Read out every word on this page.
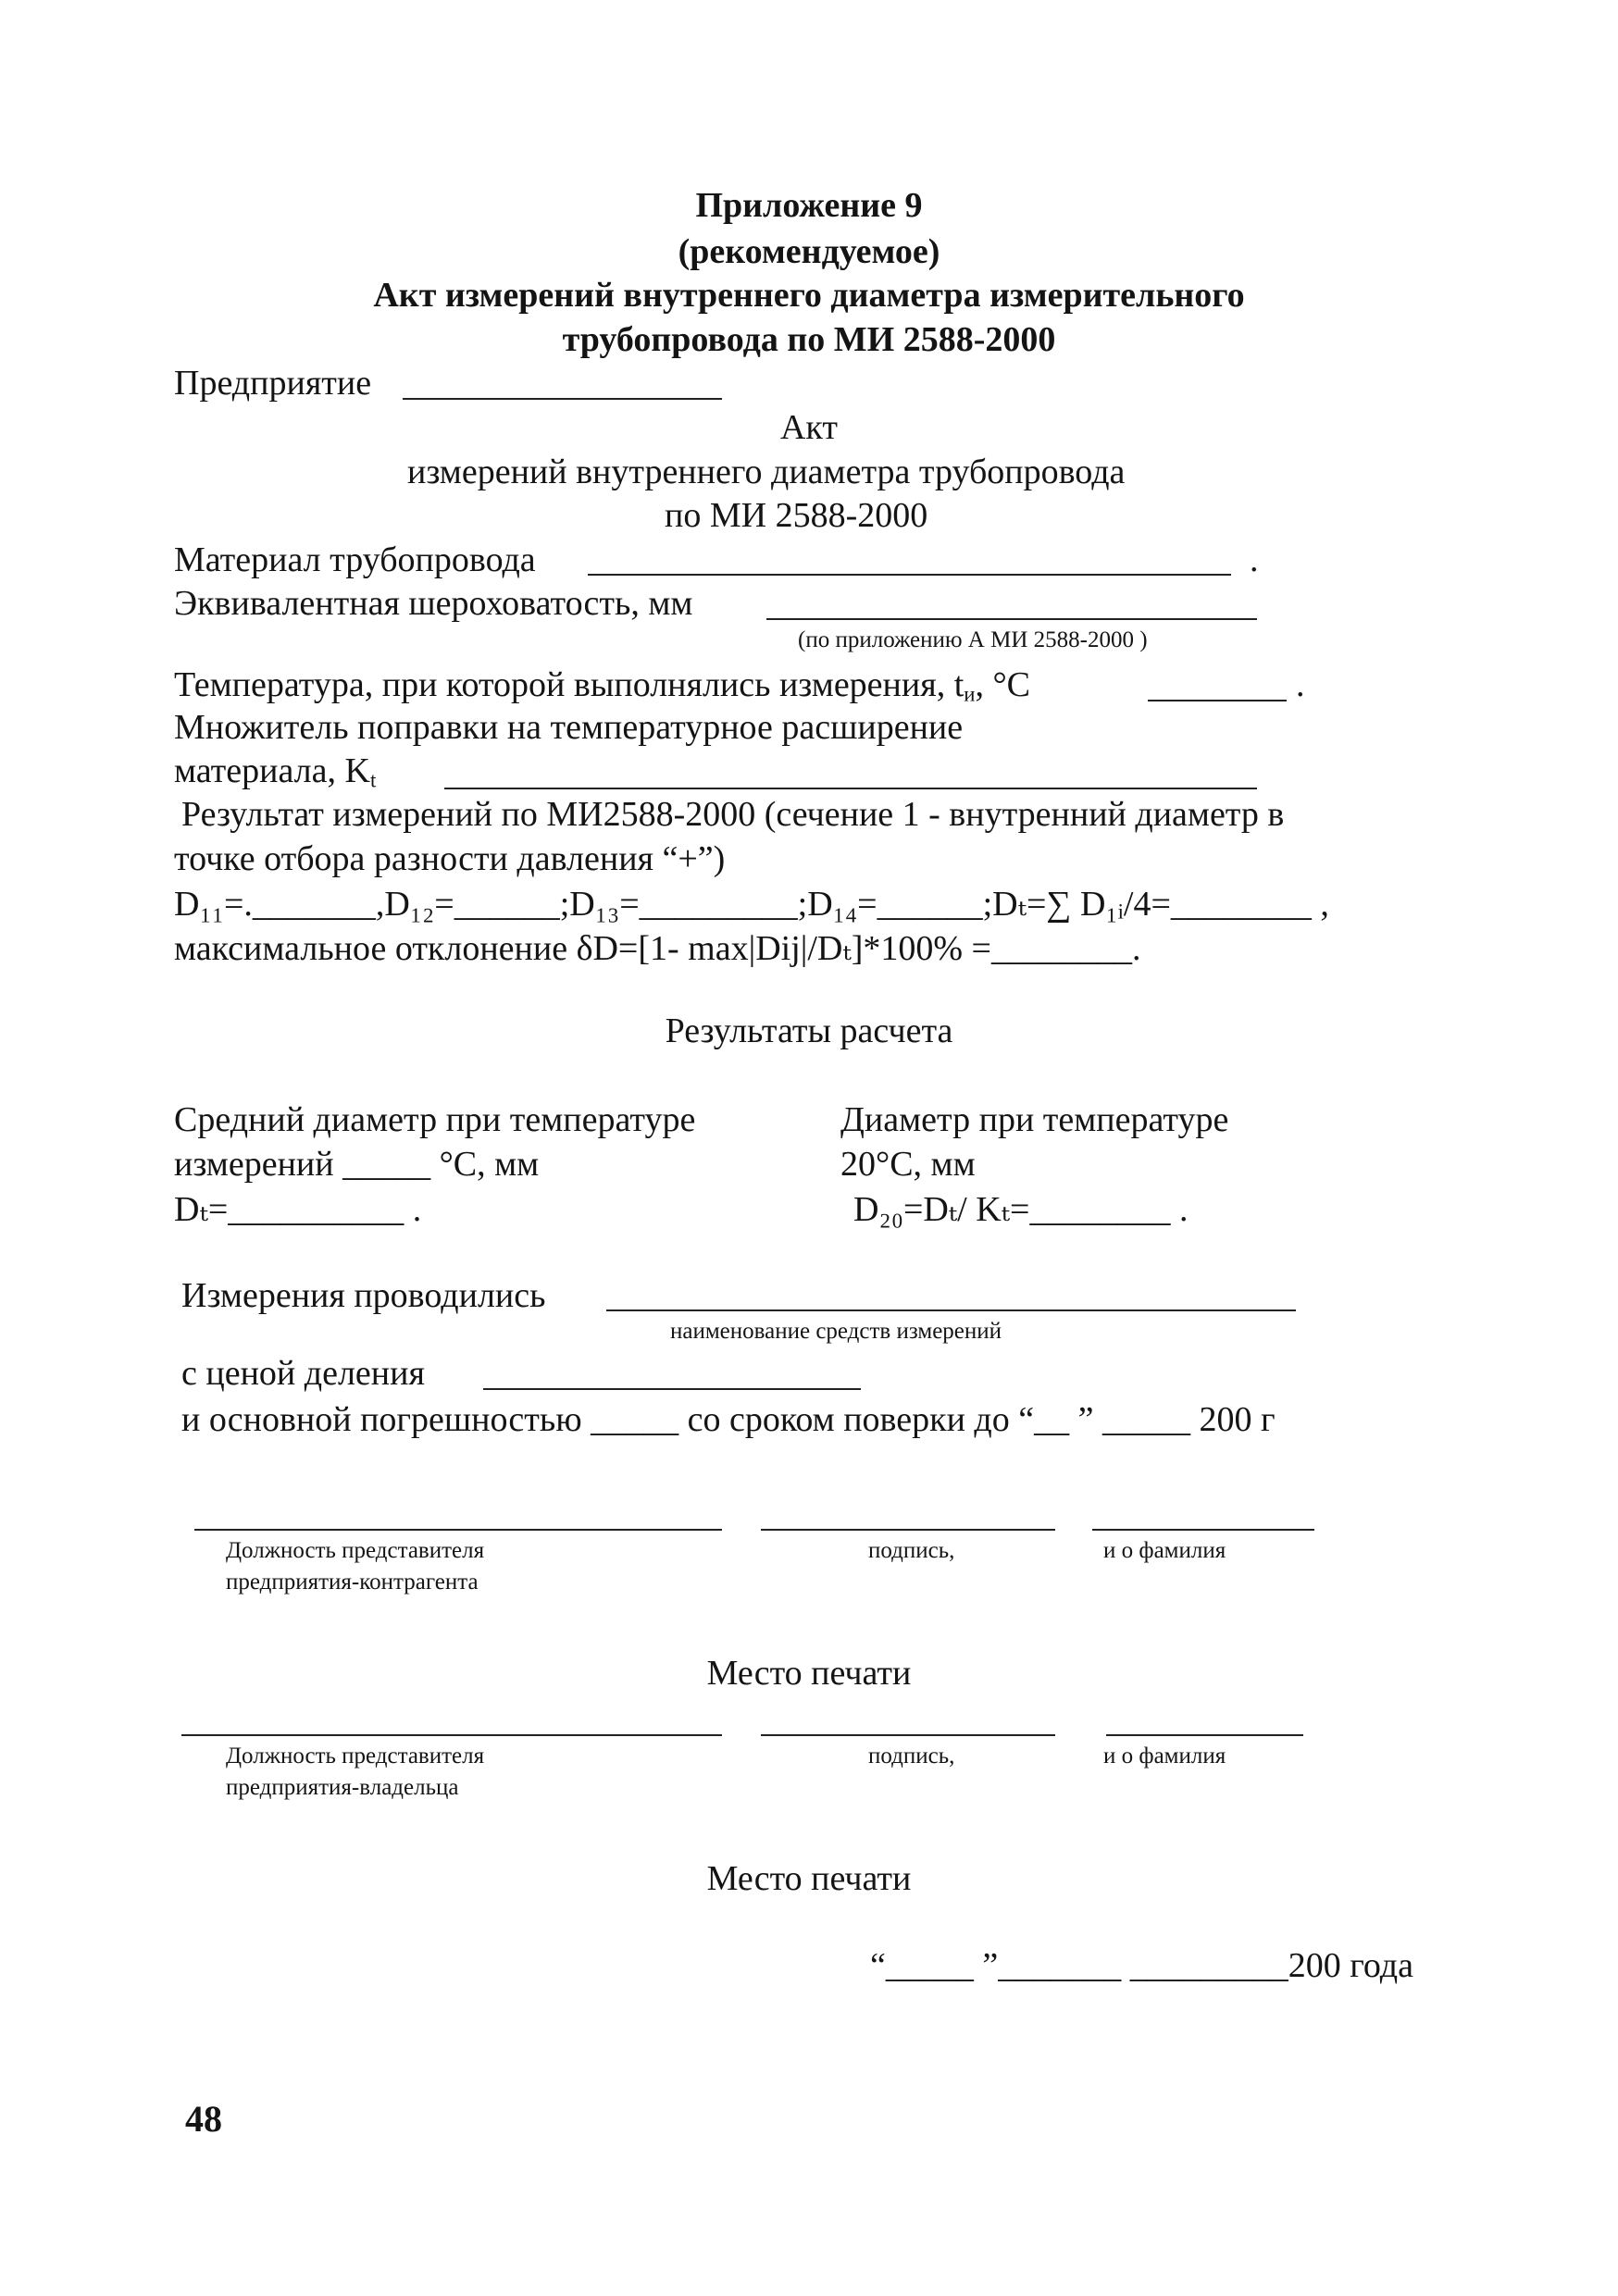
Приложение 9
(рекомендуемое)
Акт измерений внутреннего диаметра измерительного
трубопровода по МИ 2588-2000
Предприятие
Акт
измерений внутреннего диаметра трубопровода
по МИ 2588-2000
Материал трубопровода	.
Эквивалентная шероховатость, мм
(по приложению А МИ 2588-2000 )
Температура, при которой выполнялись измерения, $t_и$, °С	.
Множитель поправки на температурное расширение
материала, $K_t$
Результат измерений по МИ2588-2000 (сечение 1 - внутренний диаметр в
точке отбора разности давления “+”)
D₁₁=._______,D₁₂=______;D₁₃=_________;D₁₄=______;Dₜ=∑ D₁ᵢ/4=________ ,
максимальное отклонение δD=[1- max|Dij|/Dₜ]*100% =________.
Результаты расчета
Средний диаметр при температуре
измерений _____ °С, мм
Dₜ=__________ .
Диаметр при температуре
20°С, мм
D₂₀=Dₜ/ Kₜ=________ .
Измерения проводились
наименование средств измерений
с ценой деления
и основной погрешностью _____ со сроком поверки до “__ ” _____ 200 г
Должность представителя
предприятия-контрагента
подпись,	и о фамилия
Место печати
Должность представителя
предприятия-владельца
подпись,	и о фамилия
Место печати
“_____ ”_______ _________200 года
48
